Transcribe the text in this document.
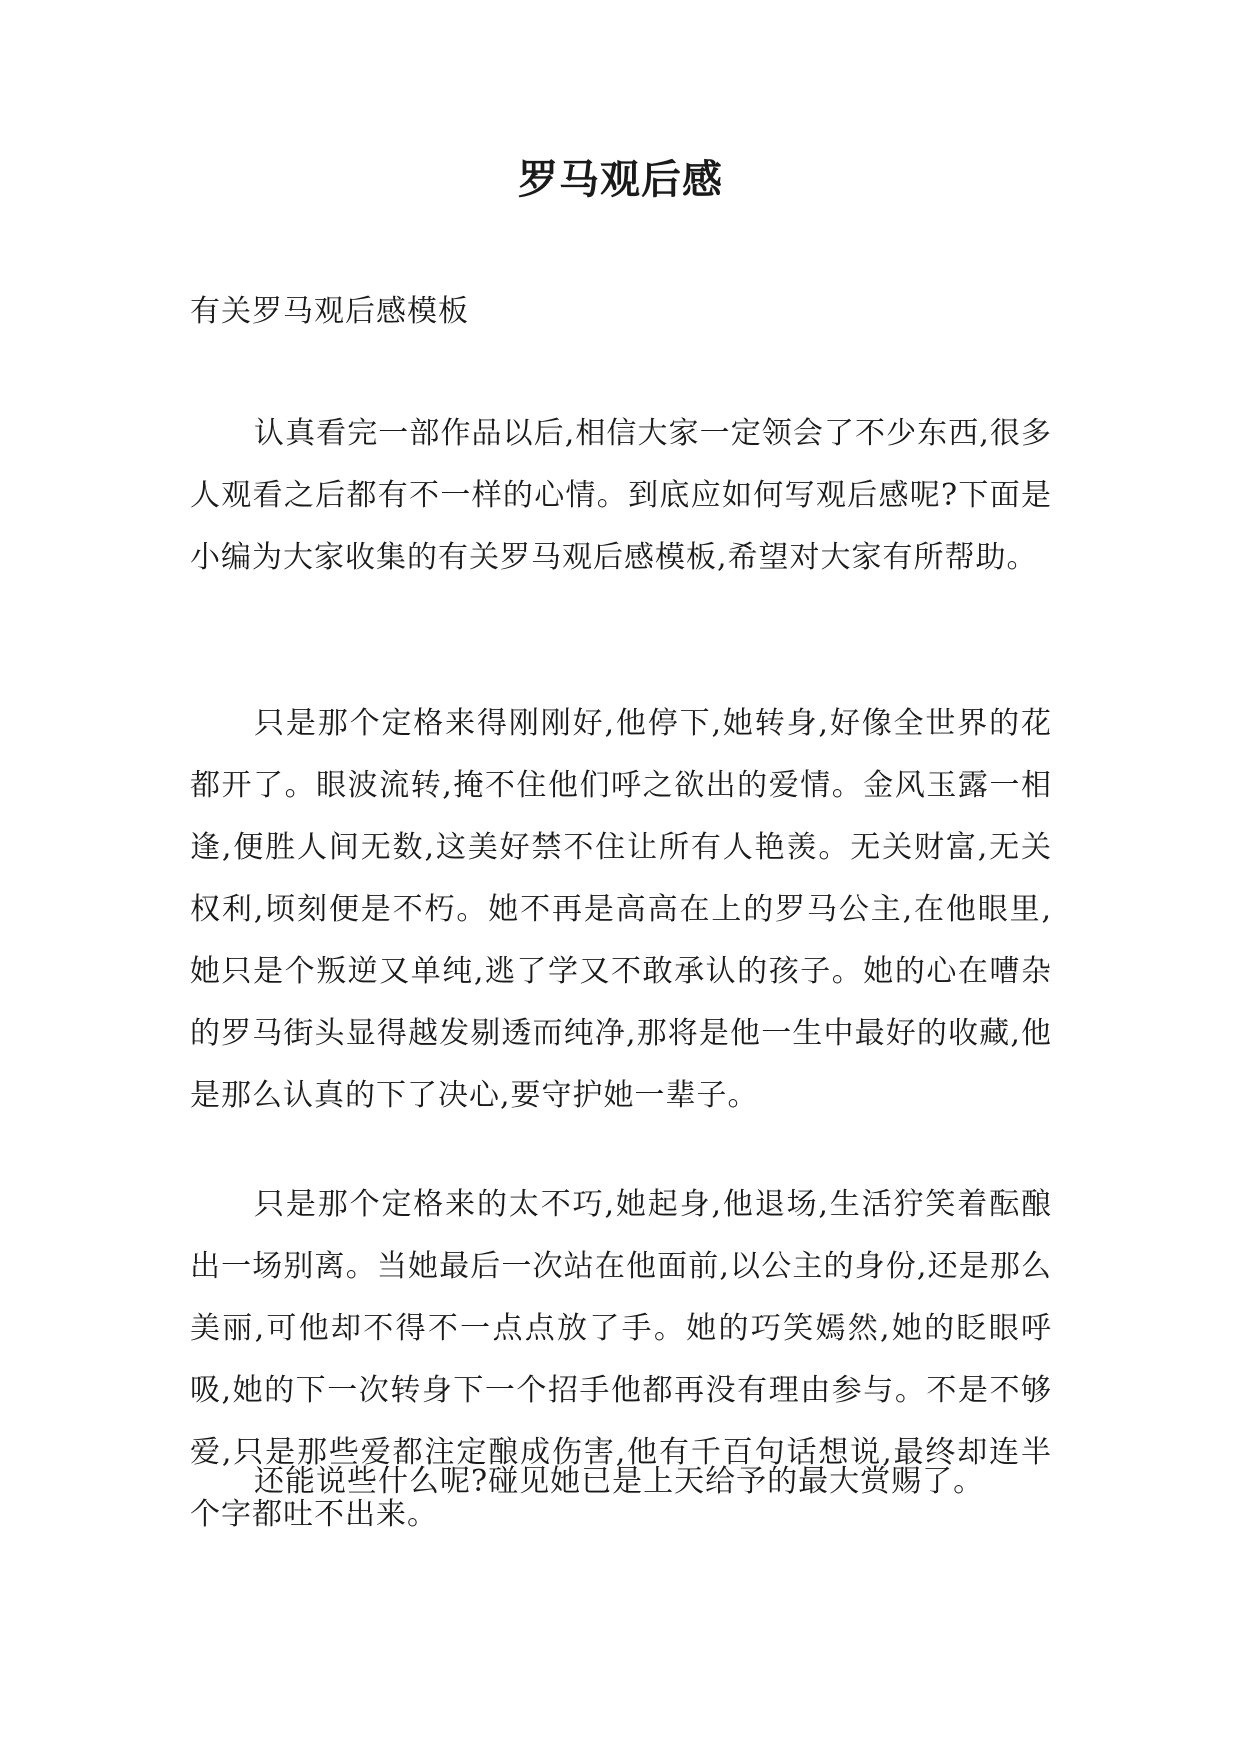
罗马观后感
有关罗马观后感模板

认真看完一部作品以后,相信大家一定领会了不少东西,很多人观看之后都有不一样的心情。到底应如何写观后感呢?下面是小编为大家收集的有关罗马观后感模板,希望对大家有所帮助。

只是那个定格来得刚刚好,他停下,她转身,好像全世界的花都开了。眼波流转,掩不住他们呼之欲出的爱情。金风玉露一相逢,便胜人间无数,这美好禁不住让所有人艳羡。无关财富,无关权利,顷刻便是不朽。她不再是高高在上的罗马公主,在他眼里,她只是个叛逆又单纯,逃了学又不敢承认的孩子。她的心在嘈杂的罗马街头显得越发剔透而纯净,那将是他一生中最好的收藏,他是那么认真的下了决心,要守护她一辈子。

只是那个定格来的太不巧,她起身,他退场,生活狞笑着酝酿出一场别离。当她最后一次站在他面前,以公主的身份,还是那么美丽,可他却不得不一点点放了手。她的巧笑嫣然,她的眨眼呼吸,她的下一次转身下一个招手他都再没有理由参与。不是不够爱,只是那些爱都注定酿成伤害,他有千百句话想说,最终却连半个字都吐不出来。

还能说些什么呢?碰见她已是上天给予的最大赏赐了。
